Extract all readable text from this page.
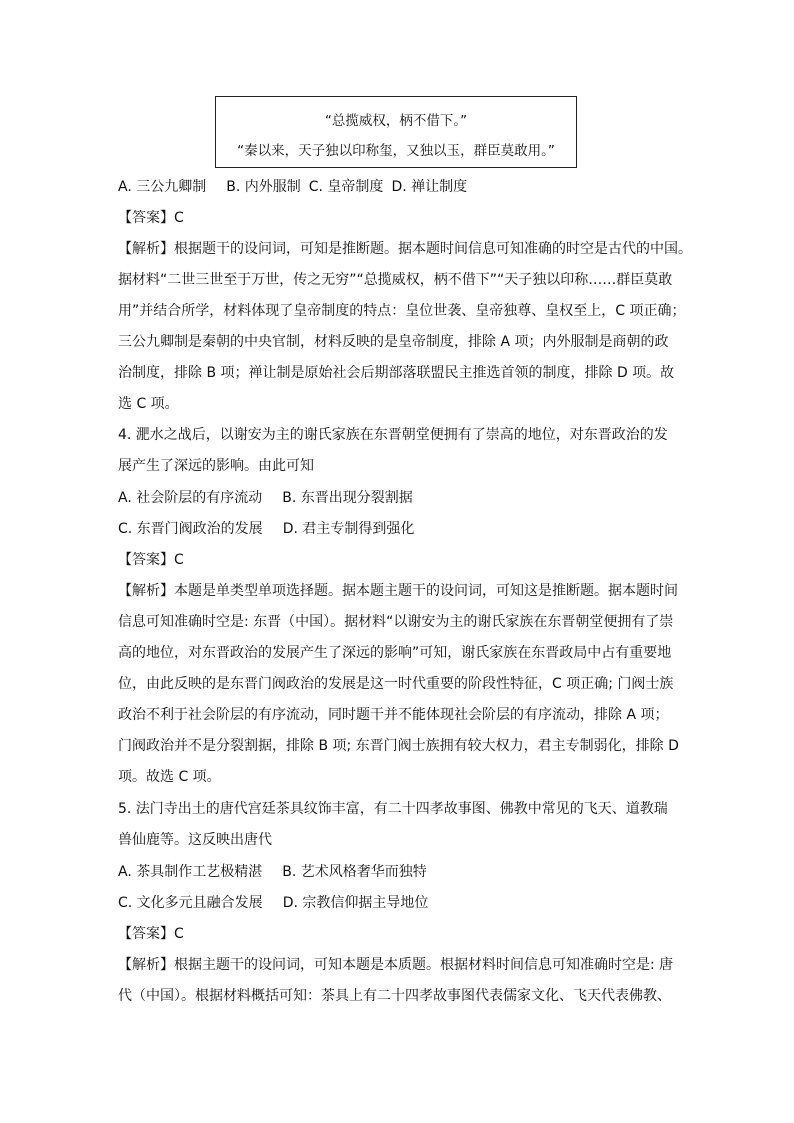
“总揽威权，柄不借下。”
“秦以来，天子独以印称玺，又独以玉，群臣莫敢用。”
A. 三公九卿制 B. 内外服制 C. 皇帝制度 D. 禅让制度
【答案】C
【解析】根据题干的设问词，可知是推断题。据本题时间信息可知准确的时空是古代的中国。
据材料“二世三世至于万世，传之无穷”“总揽威权，柄不借下”“天子独以印称……群臣莫敢
用”并结合所学，材料体现了皇帝制度的特点：皇位世袭、皇帝独尊、皇权至上，C 项正确；
三公九卿制是秦朝的中央官制，材料反映的是皇帝制度，排除 A 项；内外服制是商朝的政
治制度，排除 B 项；禅让制是原始社会后期部落联盟民主推选首领的制度，排除 D 项。故
选 C 项。
4. 淝水之战后，以谢安为主的谢氏家族在东晋朝堂便拥有了崇高的地位，对东晋政治的发
展产生了深远的影响。由此可知
A. 社会阶层的有序流动 B. 东晋出现分裂割据
C. 东晋门阀政治的发展 D. 君主专制得到强化
【答案】C
【解析】本题是单类型单项选择题。据本题主题干的设问词，可知这是推断题。据本题时间
信息可知准确时空是: 东晋（中国）。据材料“以谢安为主的谢氏家族在东晋朝堂便拥有了崇
高的地位，对东晋政治的发展产生了深远的影响”可知，谢氏家族在东晋政局中占有重要地
位，由此反映的是东晋门阀政治的发展是这一时代重要的阶段性特征，C 项正确; 门阀士族
政治不利于社会阶层的有序流动，同时题干并不能体现社会阶层的有序流动，排除 A 项；
门阀政治并不是分裂割据，排除 B 项; 东晋门阀士族拥有较大权力，君主专制弱化，排除 D
项。故选 C 项。
5. 法门寺出土的唐代宫廷茶具纹饰丰富，有二十四孝故事图、佛教中常见的飞天、道教瑞
兽仙鹿等。这反映出唐代
A. 茶具制作工艺极精湛 B. 艺术风格奢华而独特
C. 文化多元且融合发展 D. 宗教信仰据主导地位
【答案】C
【解析】根据主题干的设问词，可知本题是本质题。根据材料时间信息可知准确时空是: 唐
代（中国）。根据材料概括可知：茶具上有二十四孝故事图代表儒家文化、飞天代表佛教、
